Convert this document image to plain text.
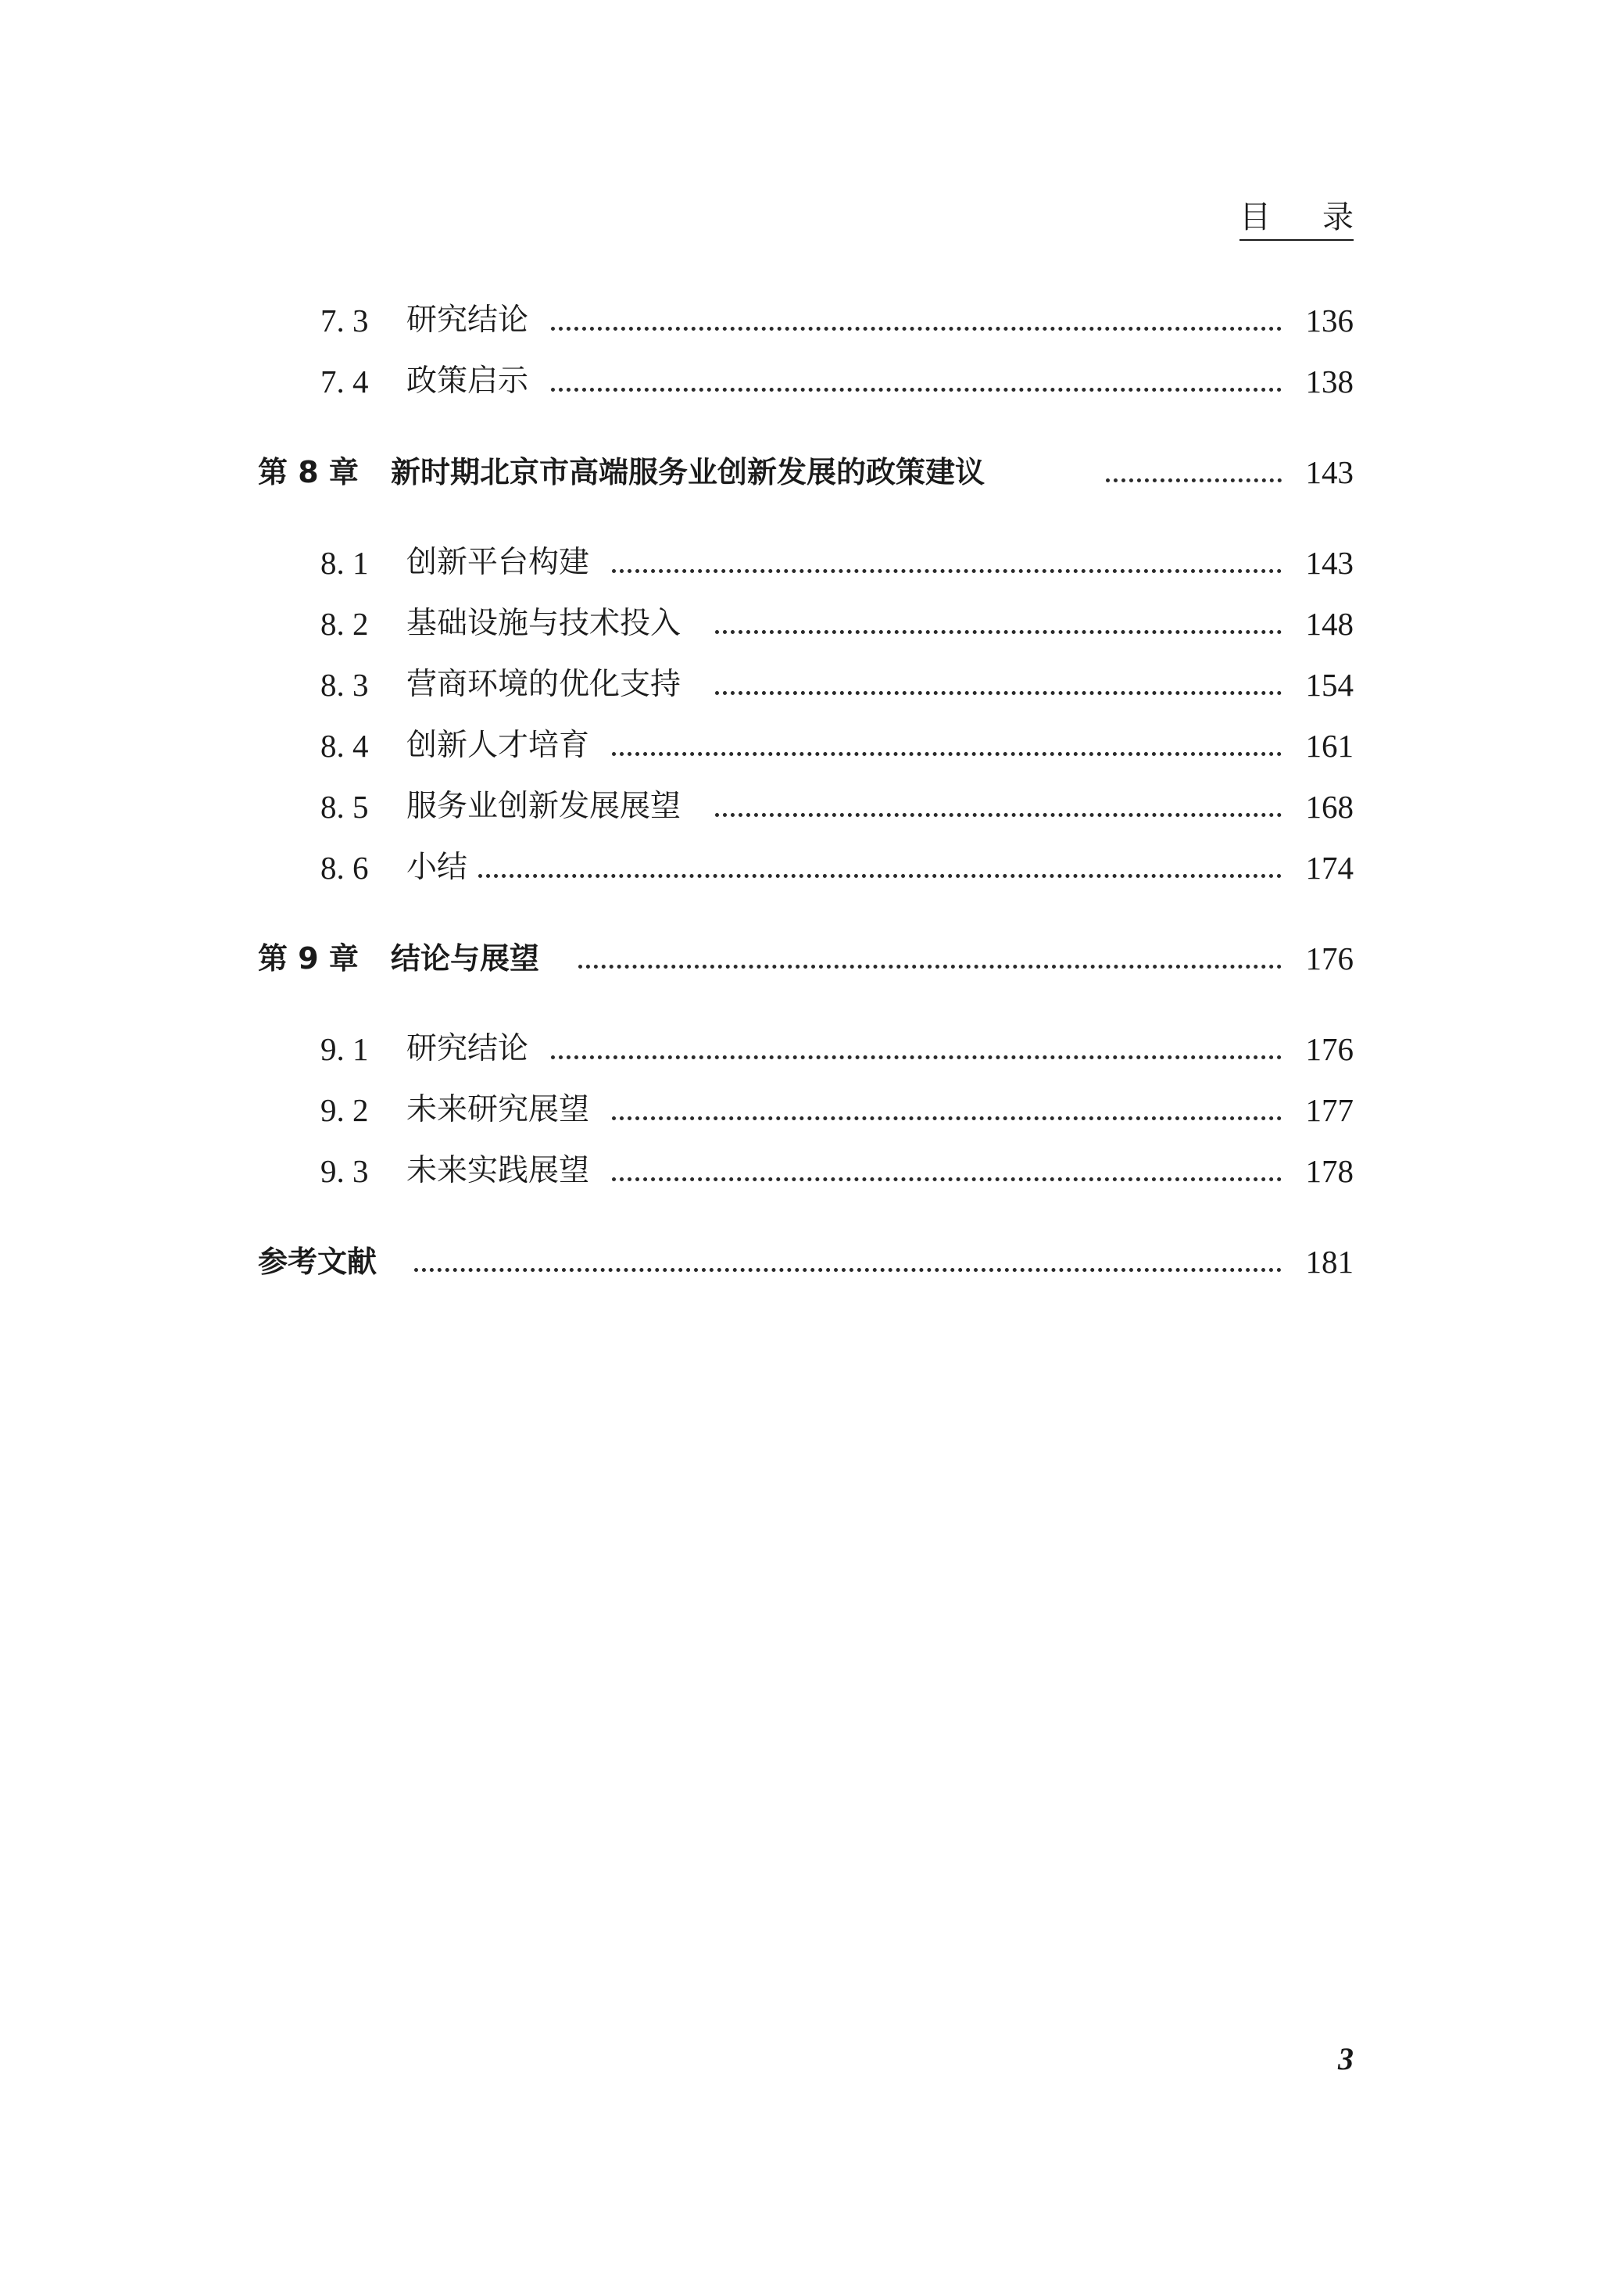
目 录
7. 3 研究结论	136
7. 4 政策启示	138
第 8 章 新时期北京市高端服务业创新发展的政策建议	143
8. 1 创新平台构建	143
8. 2 基础设施与技术投入	148
8. 3 营商环境的优化支持	154
8. 4 创新人才培育	161
8. 5 服务业创新发展展望	168
8. 6 小结	174
第 9 章 结论与展望	176
9. 1 研究结论	176
9. 2 未来研究展望	177
9. 3 未来实践展望	178
参考文献	181
3
